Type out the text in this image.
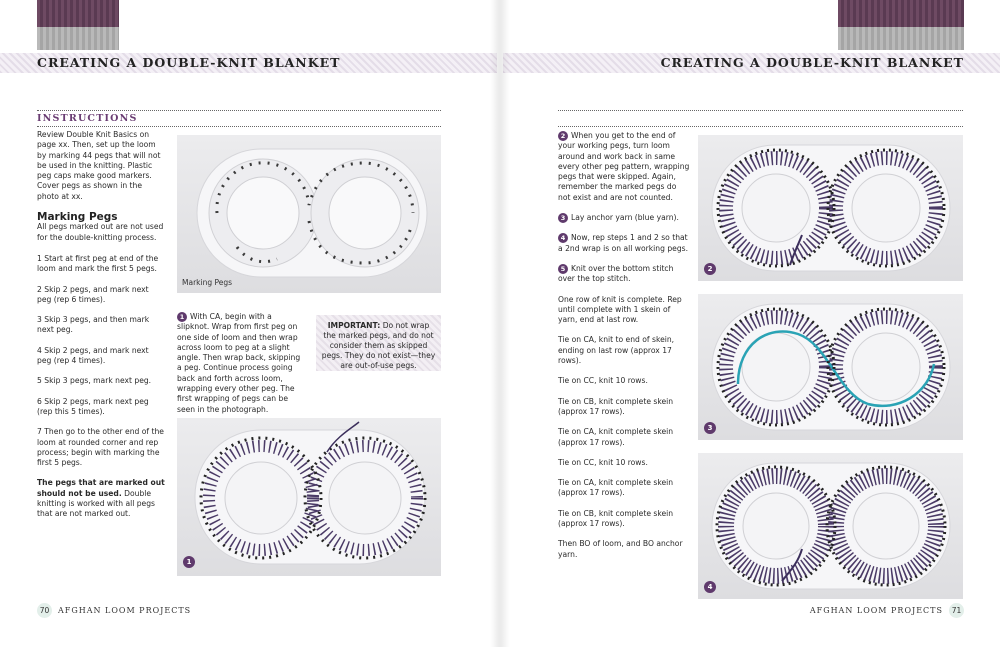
CREATING A DOUBLE-KNIT BLANKET	CREATING A DOUBLE-KNIT BLANKET
INSTRUCTIONS

Review Double Knit Basics on page xx. Then, set up the loom by marking 44 pegs that will not be used in the knitting. Plastic peg caps make good markers. Cover pegs as shown in the photo at xx.

Marking Pegs

All pegs marked out are not used for the double-knitting process.

1 Start at first peg at end of the loom and mark the first 5 pegs.

2 Skip 2 pegs, and mark next peg (rep 6 times).

3 Skip 3 pegs, and then mark next peg.

4 Skip 2 pegs, and mark next peg (rep 4 times).

5 Skip 3 pegs, mark next peg.

6 Skip 2 pegs, mark next peg (rep this 5 times).

7 Then go to the other end of the loom at rounded corner and rep process; begin with marking the first 5 pegs.

The pegs that are marked out should not be used. Double knitting is worked with all pegs that are not marked out.

Marking Pegs
1 With CA, begin with a slipknot. Wrap from first peg on one side of loom and then wrap across loom to peg at a slight angle. Then wrap back, skipping a peg. Continue process going back and forth across loom, wrapping every other peg. The first wrapping of pegs can be seen in the photograph.
IMPORTANT: Do not wrap the marked pegs, and do not consider them as skipped pegs. They do not exist—they are out-of-use pegs.
1
70	AFGHAN LOOM PROJECTS

2 When you get to the end of your working pegs, turn loom around and work back in same every other peg pattern, wrapping pegs that were skipped. Again, remember the marked pegs do not exist and are not counted.

3 Lay anchor yarn (blue yarn).

4 Now, rep steps 1 and 2 so that a 2nd wrap is on all working pegs.

5 Knit over the bottom stitch over the top stitch.

One row of knit is complete. Rep until complete with 1 skein of yarn, end at last row.

Tie on CA, knit to end of skein, ending on last row (approx 17 rows).

Tie on CC, knit 10 rows.

Tie on CB, knit complete skein (approx 17 rows).

Tie on CA, knit complete skein (approx 17 rows).

Tie on CC, knit 10 rows.

Tie on CA, knit complete skein (approx 17 rows).

Tie on CB, knit complete skein (approx 17 rows).

Then BO of loom, and BO anchor yarn.

2
3
4
AFGHAN LOOM PROJECTS	71
